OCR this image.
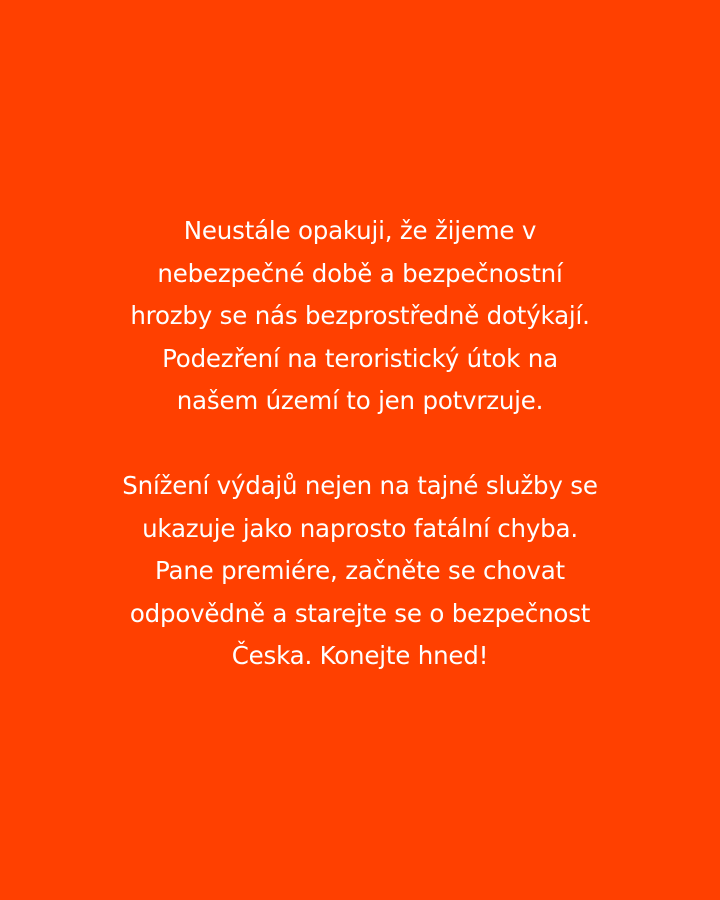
Neustále opakuji, že žijeme v
nebezpečné době a bezpečnostní
hrozby se nás bezprostředně dotýkají.
Podezření na teroristický útok na
našem území to jen potvrzuje.
Snížení výdajů nejen na tajné služby se
ukazuje jako naprosto fatální chyba.
Pane premiére, začněte se chovat
odpovědně a starejte se o bezpečnost
Česka. Konejte hned!
